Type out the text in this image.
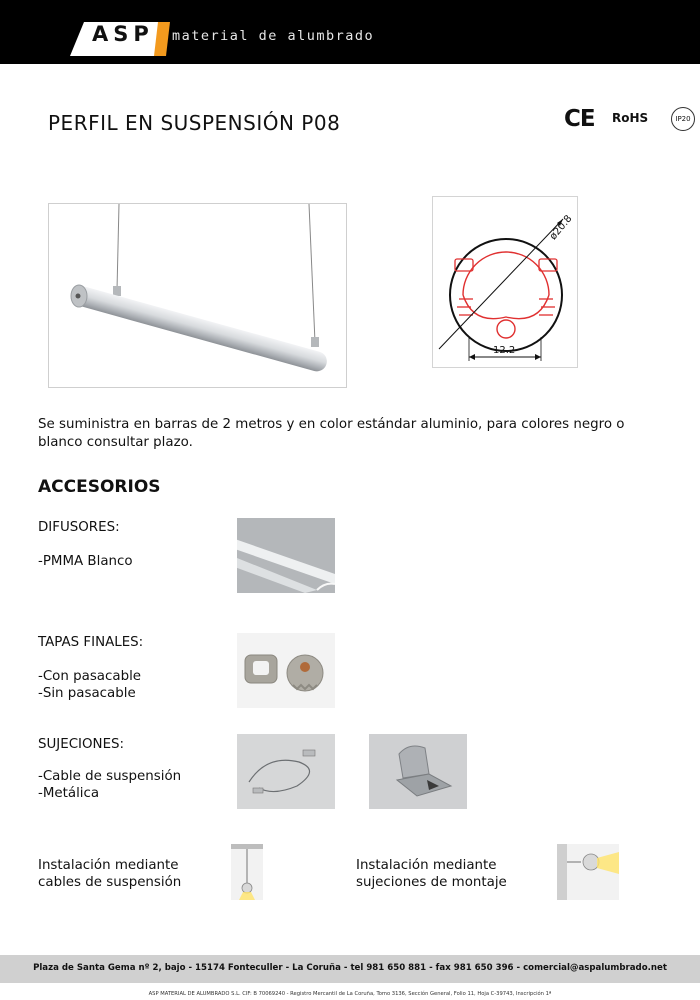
ASP material de alumbrado
PERFIL EN SUSPENSIÓN P08	CE RoHS	IP20
12.2
ø20.8

Se suministra en barras de 2 metros y en color estándar aluminio, para colores negro o blanco consultar plazo.

ACCESORIOS
DIFUSORES:
-PMMA Blanco
TAPAS FINALES:
-Con pasacable
-Sin pasacable
SUJECIONES:
-Cable de suspensión
-Metálica
Instalación mediante
cables de suspensión
Instalación mediante
sujeciones de montaje
Plaza de Santa Gema nº 2, bajo - 15174 Fonteculler - La Coruña - tel 981 650 881 - fax 981 650 396 - comercial@aspalumbrado.net
ASP MATERIAL DE ALUMBRADO S.L. CIF: B 70069240 - Registro Mercantil de La Coruña, Tomo 3136, Sección General, Folio 11, Hoja C-39743, Inscripción 1ª
